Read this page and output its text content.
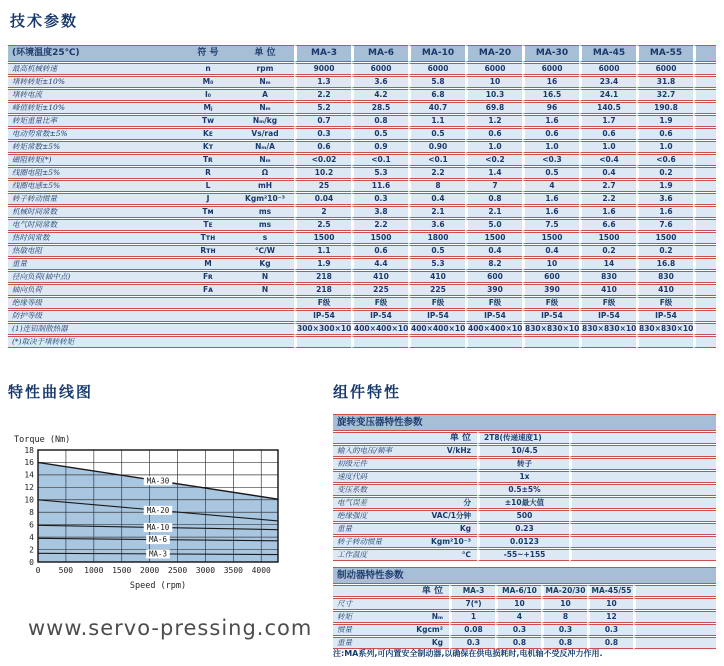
技术参数
(环境温度25℃)	符 号	单 位	MA-3	MA-6	MA-10	MA-20	MA-30	MA-45	MA-55	
最高机械转速	n	rpm	9000	6000	6000	6000	6000	6000	6000	
堵转转矩±10%	M₀	Nₘ	1.3	3.6	5.8	10	16	23.4	31.8	
堵转电流	I₀	A	2.2	4.2	6.8	10.3	16.5	24.1	32.7	
峰值转矩±10%	Mⱼ	Nₘ	5.2	28.5	40.7	69.8	96	140.5	190.8	
转矩重量比率	Tᴡ	Nₘ/kg	0.7	0.8	1.1	1.2	1.6	1.7	1.9	
电动势常数±5%	Kᴇ	Vs/rad	0.3	0.5	0.5	0.6	0.6	0.6	0.6	
转矩常数±5%	Kᴛ	Nₘ/A	0.6	0.9	0.90	1.0	1.0	1.0	1.0	
磁阻转矩(*)	Tʀ	Nₘ	<0.02	<0.1	<0.1	<0.2	<0.3	<0.4	<0.6	
线圈电阻±5%	R	Ω	10.2	5.3	2.2	1.4	0.5	0.4	0.2	
线圈电感±5%	L	mH	25	11.6	8	7	4	2.7	1.9	
转子转动惯量	J	Kgm²10⁻³	0.04	0.3	0.4	0.8	1.6	2.2	3.6	
机械时间常数	Tᴍ	ms	2	3.8	2.1	2.1	1.6	1.6	1.6	
电气时间常数	Tᴇ	ms	2.5	2.2	3.6	5.0	7.5	6.6	7.6	
热时间常数	Tᴛʜ	s	1500	1500	1800	1500	1500	1500	1500	
热敏电阻	Rᴛʜ	℃/W	1.1	0.6	0.5	0.4	0.4	0.2	0.2	
重量	M	Kg	1.9	4.4	5.3	8.2	10	14	16.8	
径向负荷(轴中点)	Fʀ	N	218	410	410	600	600	830	830	
轴向负荷	Fᴀ	N	218	225	225	390	390	410	410	
绝缘等级			F级	F级	F级	F级	F级	F级	F级	
防护等级			IP-54	IP-54	IP-54	IP-54	IP-54	IP-54	IP-54	
(1)连铝制散热器			300×300×10	400×400×10	400×400×10	400×400×10	830×830×10	830×830×10	830×830×10	
(*)取决于堵转转矩										
特性曲线图
MA-30
MA-20
MA-10
MA-6
MA-3
0
2
4
6
8
10
12
14
16
18
0 500 1000 1500 2000 2500 3000 3500 4000
Torque (Nm)
Speed (rpm)
组件特性
旋转变压器特性参数			
	单 位	2T8(传递速度1)	
输入的电压/频率	V/kHz	10/4.5	
初级元件		转子	
速度代码		1x	
变压系数		0.5±5%	
电气误差	分	±10最大值	
绝缘强度	VAC/1分钟	500	
重量	Kg	0.23	
转子转动惯量	Kgm²10⁻³	0.0123	
工作温度	℃	-55~+155	
制动器特性参数						
	单 位	MA-3	MA-6/10	MA-20/30	MA-45/55	
尺寸		7(*)	10	10	10	
转矩	Nₘ	1	4	8	12	
惯量	Kgcm²	0.08	0.3	0.3	0.3	
重量	Kg	0.3	0.8	0.8	0.8	
注:MA系列,可内置安全制动器,以确保在供电损耗时,电机轴不受反冲力作用.
www.servo-pressing.com
